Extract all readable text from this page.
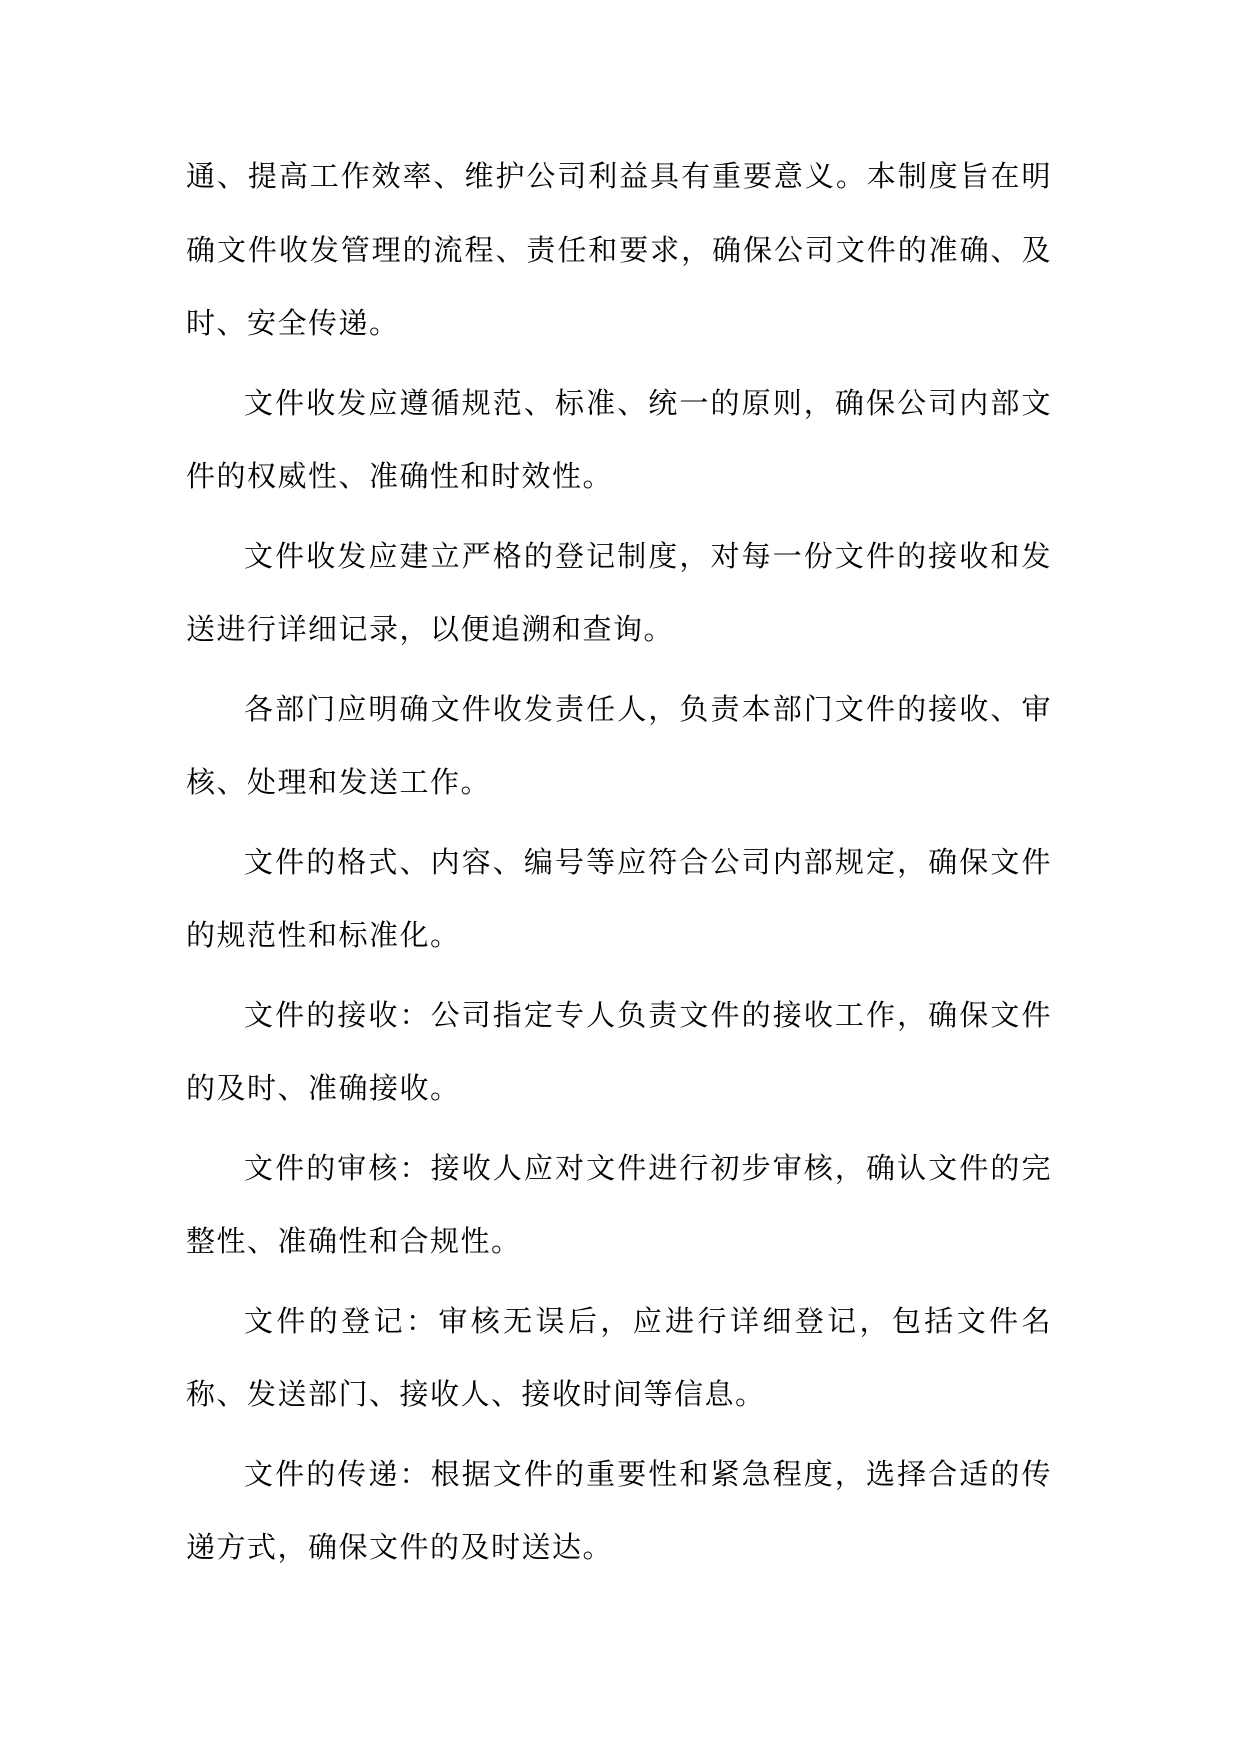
通、提高工作效率、维护公司利益具有重要意义。本制度旨在明确文件收发管理的流程、责任和要求，确保公司文件的准确、及时、安全传递。

文件收发应遵循规范、标准、统一的原则，确保公司内部文件的权威性、准确性和时效性。

文件收发应建立严格的登记制度，对每一份文件的接收和发送进行详细记录，以便追溯和查询。

各部门应明确文件收发责任人，负责本部门文件的接收、审核、处理和发送工作。

文件的格式、内容、编号等应符合公司内部规定，确保文件的规范性和标准化。

文件的接收：公司指定专人负责文件的接收工作，确保文件的及时、准确接收。

文件的审核：接收人应对文件进行初步审核，确认文件的完整性、准确性和合规性。

文件的登记：审核无误后，应进行详细登记，包括文件名称、发送部门、接收人、接收时间等信息。

文件的传递：根据文件的重要性和紧急程度，选择合适的传递方式，确保文件的及时送达。
